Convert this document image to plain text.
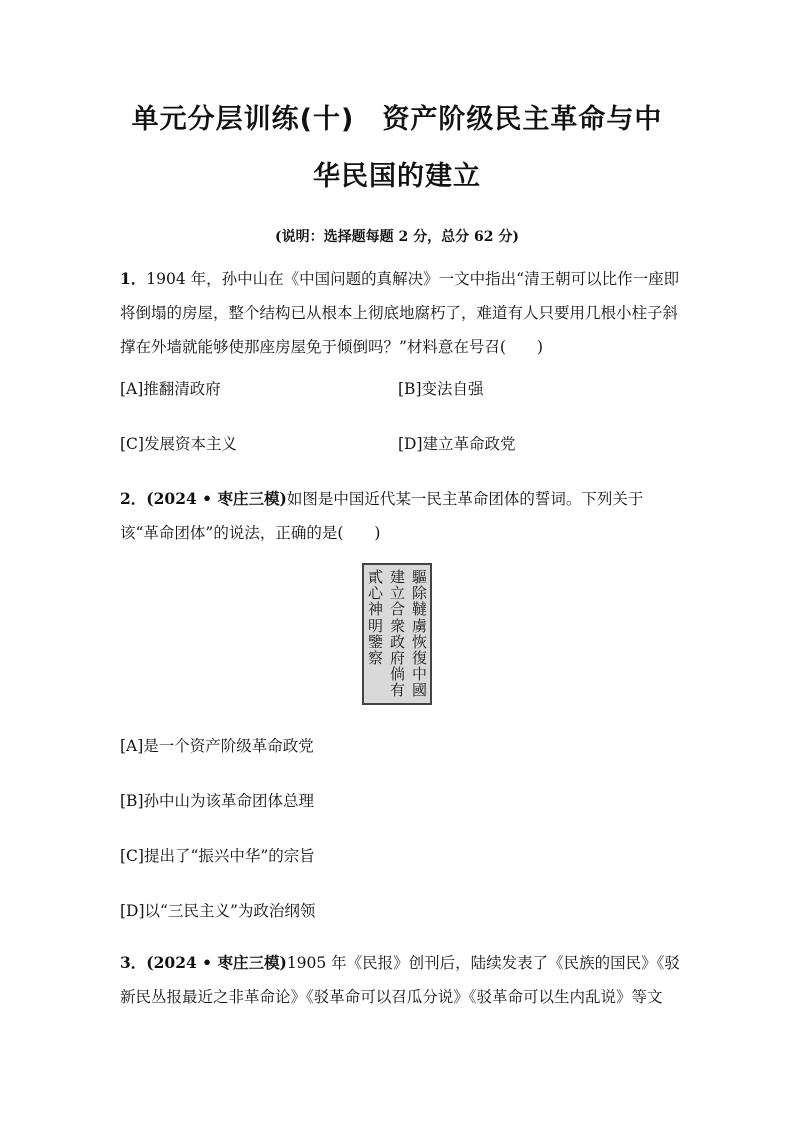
单元分层训练(十)　资产阶级民主革命与中
华民国的建立
(说明：选择题每题 2 分，总分 62 分)
1．1904 年，孙中山在《中国问题的真解决》一文中指出“清王朝可以比作一座即将倒塌的房屋，整个结构已从根本上彻底地腐朽了，难道有人只要用几根小柱子斜撑在外墙就能够使那座房屋免于倾倒吗？”材料意在号召(　　)
[A]推翻清政府	[B]变法自强
[C]发展资本主义	[D]建立革命政党
2．(2024 • 枣庄三模)如图是中国近代某一民主革命团体的誓词。下列关于该“革命团体”的说法，正确的是(　　)
驅除韃虜恢復中國
建立合衆政府倘有
貳心神明鑒察
[A]是一个资产阶级革命政党
[B]孙中山为该革命团体总理
[C]提出了“振兴中华”的宗旨
[D]以“三民主义”为政治纲领
3．(2024 • 枣庄三模)1905 年《民报》创刊后，陆续发表了《民族的国民》《驳新民丛报最近之非革命论》《驳革命可以召瓜分说》《驳革命可以生内乱说》等文
